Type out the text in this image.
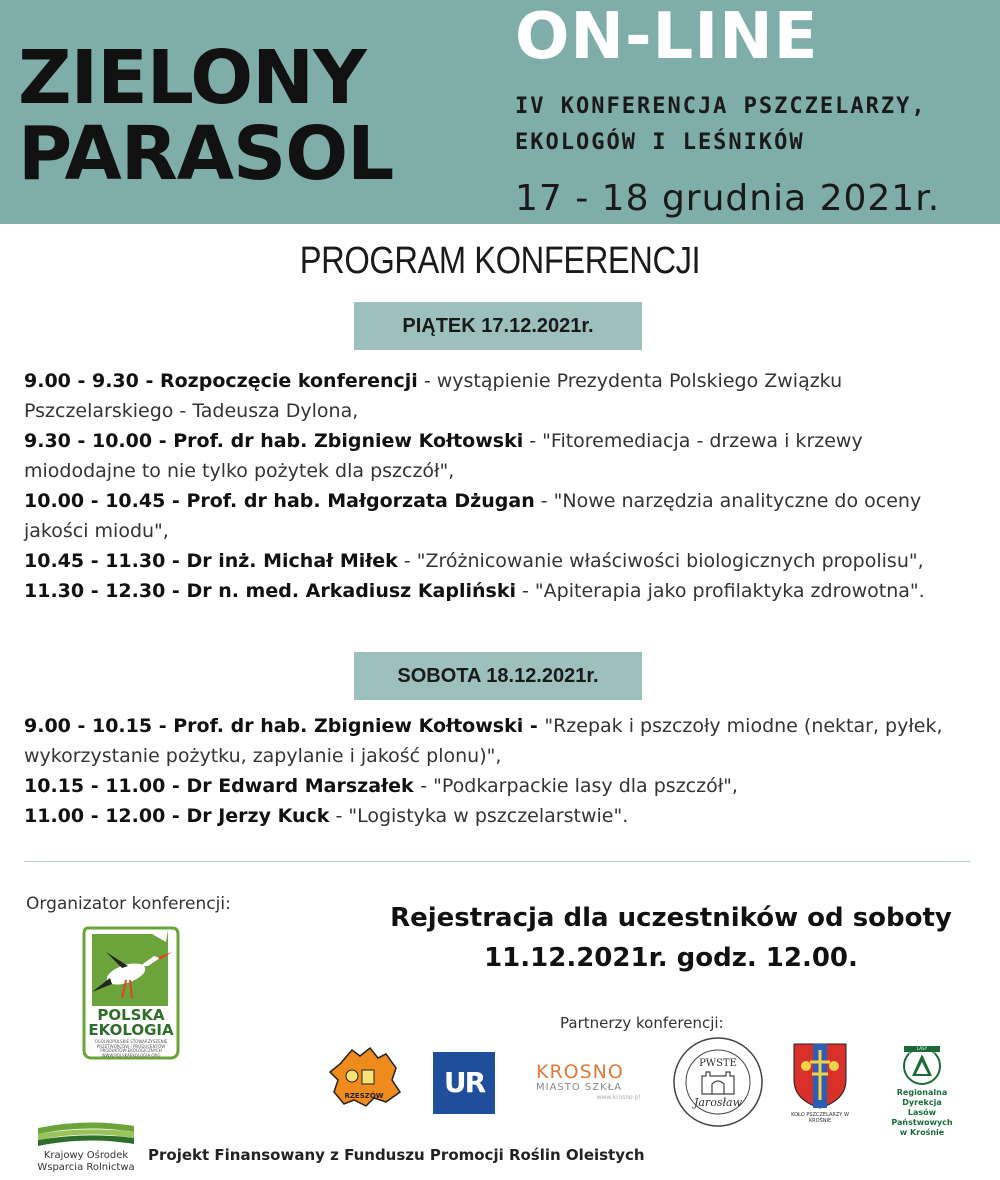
ZIELONY
PARASOL
ON-LINE
IV KONFERENCJA PSZCZELARZY,
EKOLOGÓW I LEŚNIKÓW
17 - 18 grudnia 2021r.
PROGRAM KONFERENCJI
PIĄTEK 17.12.2021r.

9.00 - 9.30 - Rozpoczęcie konferencji - wystąpienie Prezydenta Polskiego Związku Pszczelarskiego - Tadeusza Dylona,

9.30 - 10.00 - Prof. dr hab. Zbigniew Kołtowski - "Fitoremediacja - drzewa i krzewy miododajne to nie tylko pożytek dla pszczół",

10.00 - 10.45 - Prof. dr hab. Małgorzata Dżugan - "Nowe narzędzia analityczne do oceny jakości miodu",

10.45 - 11.30 - Dr inż. Michał Miłek - "Zróżnicowanie właściwości biologicznych propolisu",

11.30 - 12.30 - Dr n. med. Arkadiusz Kapliński - "Apiterapia jako profilaktyka zdrowotna".

SOBOTA 18.12.2021r.

9.00 - 10.15 - Prof. dr hab. Zbigniew Kołtowski - "Rzepak i pszczoły miodne (nektar, pyłek, wykorzystanie pożytku, zapylanie i jakość plonu)",

10.15 - 11.00 - Dr Edward Marszałek - "Podkarpackie lasy dla pszczół",

11.00 - 12.00 - Dr Jerzy Kuck - "Logistyka w pszczelarstwie".

Organizator konferencji:
POLSKA
EKOLOGIA
OGÓLNOPOLSKIE STOWARZYSZENIE
PRZETWÓRCÓW I PRODUCENTÓW
PRODUKTÓW EKOLOGICZNYCH
WWW.POLSKAEKOLOGIA.ORG
Rejestracja dla uczestników od soboty
11.12.2021r. godz. 12.00.
Partnerzy konferencji:
RZESZÓW	UR	KROSNO
MIASTO SZKŁA
www.krosno.pl
PWSTE
Jarosław
KOŁO PSZCZELARZY W KROŚNIE
LASY PAŃSTWOWE
Regionalna Dyrekcja
Lasów Państwowych
w Krośnie
Krajowy Ośrodek
Wsparcia Rolnictwa
Projekt Finansowany z Funduszu Promocji Roślin Oleistych
